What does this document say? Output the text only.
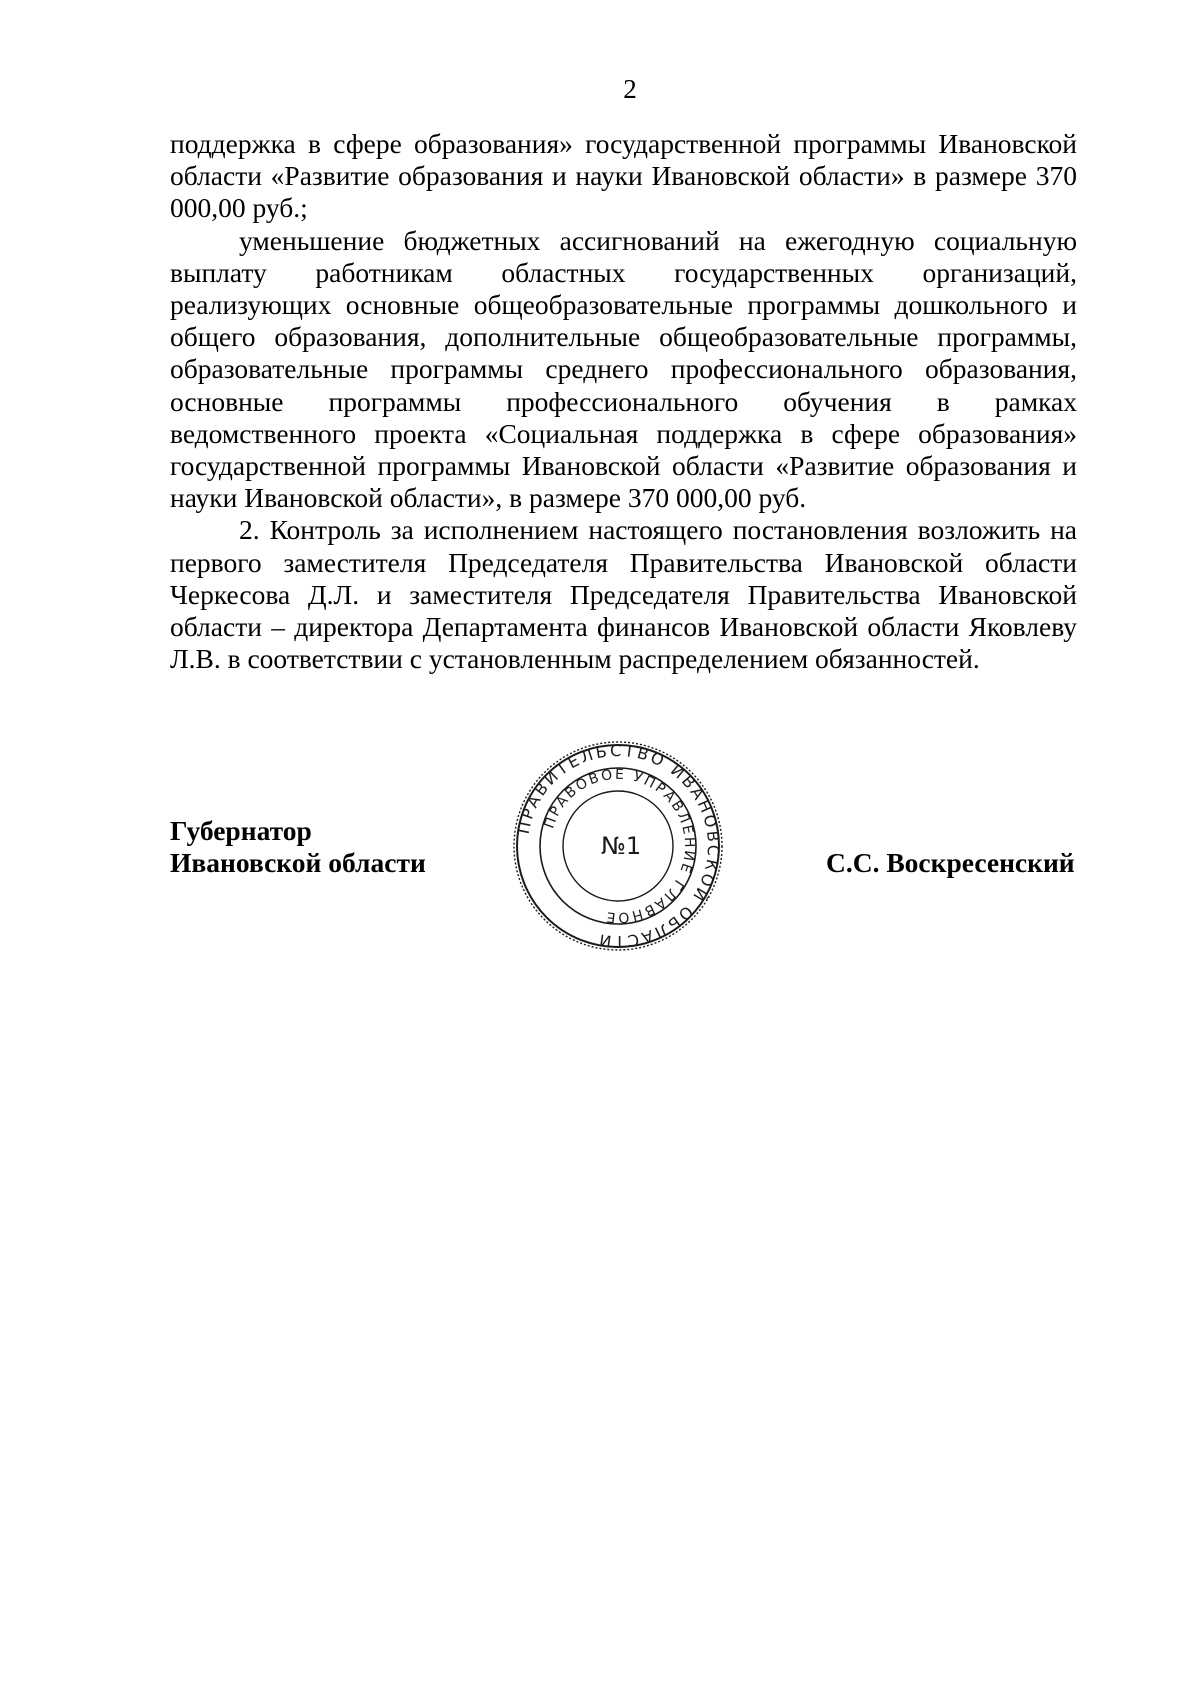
2

поддержка в сфере образования» государственной программы Ивановской области «Развитие образования и науки Ивановской области» в размере 370 000,00 руб.;

уменьшение бюджетных ассигнований на ежегодную социальную выплату работникам областных государственных организаций, реализующих основные общеобразовательные программы дошкольного и общего образования, дополнительные общеобразовательные программы, образовательные программы среднего профессионального образования, основные программы профессионального обучения в рамках ведомственного проекта «Социальная поддержка в сфере образования» государственной программы Ивановской области «Развитие образования и науки Ивановской области», в размере 370 000,00 руб.

2. Контроль за исполнением настоящего постановления возложить на первого заместителя Председателя Правительства Ивановской области Черкесова Д.Л. и заместителя Председателя Правительства Ивановской области – директора Департамента финансов Ивановской области Яковлеву Л.В. в соответствии с установленным распределением обязанностей.

Губернатор
Ивановской области
ПРАВИТЕЛЬСТВО ИВАНОВСКОЙ ОБЛАСТИ
ПРАВОВОЕ УПРАВЛЕНИЕ ГЛАВНОЕ
№1
С.С. Воскресенский
